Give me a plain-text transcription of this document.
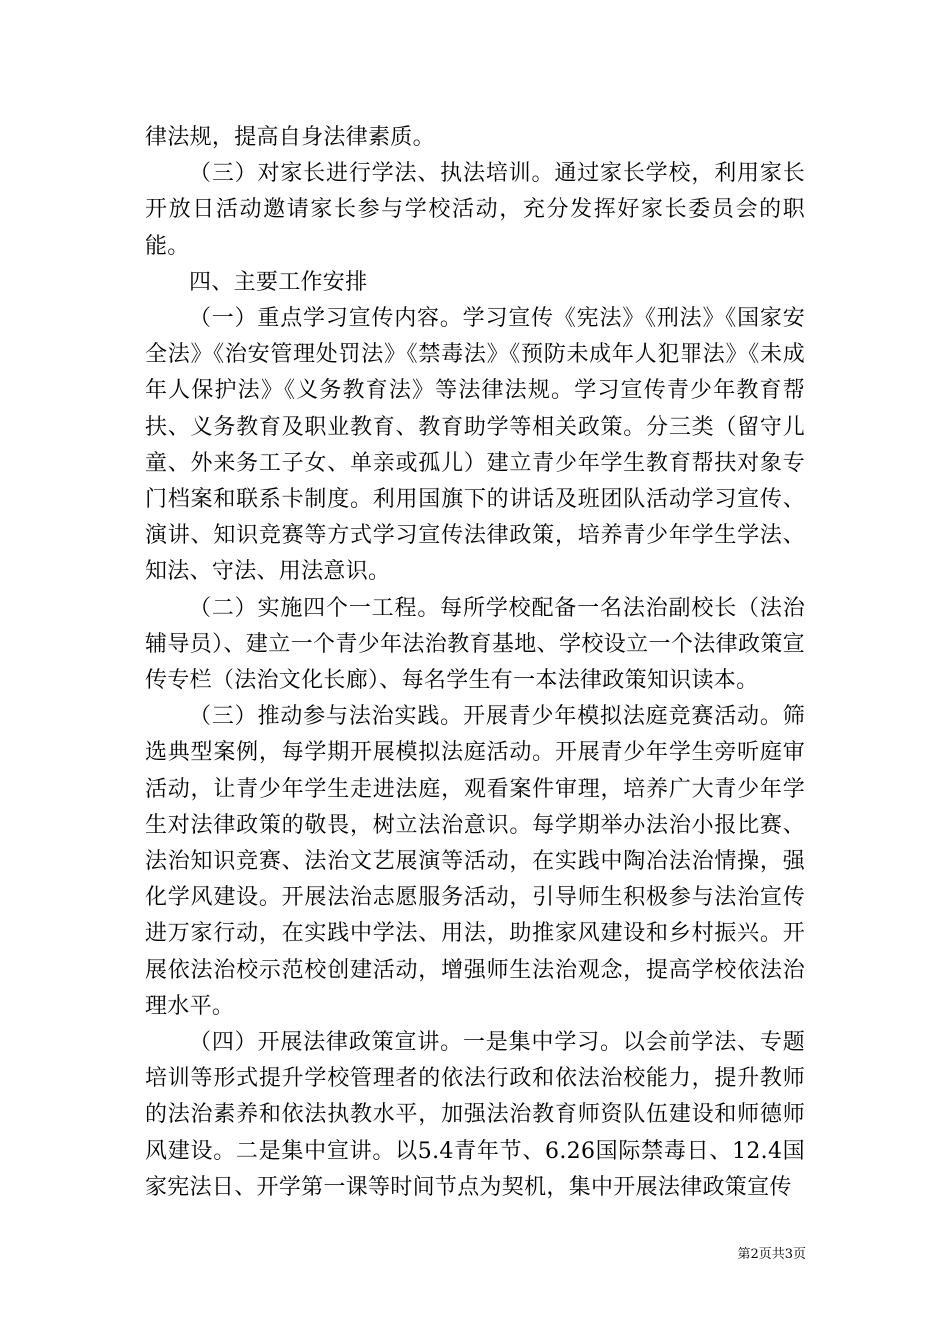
律法规，提高自身法律素质。

（三）对家长进行学法、执法培训。通过家长学校，利用家长开放日活动邀请家长参与学校活动，充分发挥好家长委员会的职能。

四、主要工作安排

（一）重点学习宣传内容。学习宣传《宪法》《刑法》《国家安全法》《治安管理处罚法》《禁毒法》《预防未成年人犯罪法》《未成年人保护法》《义务教育法》等法律法规。学习宣传青少年教育帮扶、义务教育及职业教育、教育助学等相关政策。分三类（留守儿童、外来务工子女、单亲或孤儿）建立青少年学生教育帮扶对象专门档案和联系卡制度。利用国旗下的讲话及班团队活动学习宣传、演讲、知识竞赛等方式学习宣传法律政策，培养青少年学生学法、知法、守法、用法意识。

（二）实施四个一工程。每所学校配备一名法治副校长（法治辅导员）、建立一个青少年法治教育基地、学校设立一个法律政策宣传专栏（法治文化长廊）、每名学生有一本法律政策知识读本。

（三）推动参与法治实践。开展青少年模拟法庭竞赛活动。筛选典型案例，每学期开展模拟法庭活动。开展青少年学生旁听庭审活动，让青少年学生走进法庭，观看案件审理，培养广大青少年学生对法律政策的敬畏，树立法治意识。每学期举办法治小报比赛、法治知识竞赛、法治文艺展演等活动，在实践中陶冶法治情操，强化学风建设。开展法治志愿服务活动，引导师生积极参与法治宣传进万家行动，在实践中学法、用法，助推家风建设和乡村振兴。开展依法治校示范校创建活动，增强师生法治观念，提高学校依法治理水平。

（四）开展法律政策宣讲。一是集中学习。以会前学法、专题培训等形式提升学校管理者的依法行政和依法治校能力，提升教师的法治素养和依法执教水平，加强法治教育师资队伍建设和师德师风建设。二是集中宣讲。以5.4青年节、6.26国际禁毒日、12.4国家宪法日、开学第一课等时间节点为契机，集中开展法律政策宣传

第2页共3页
